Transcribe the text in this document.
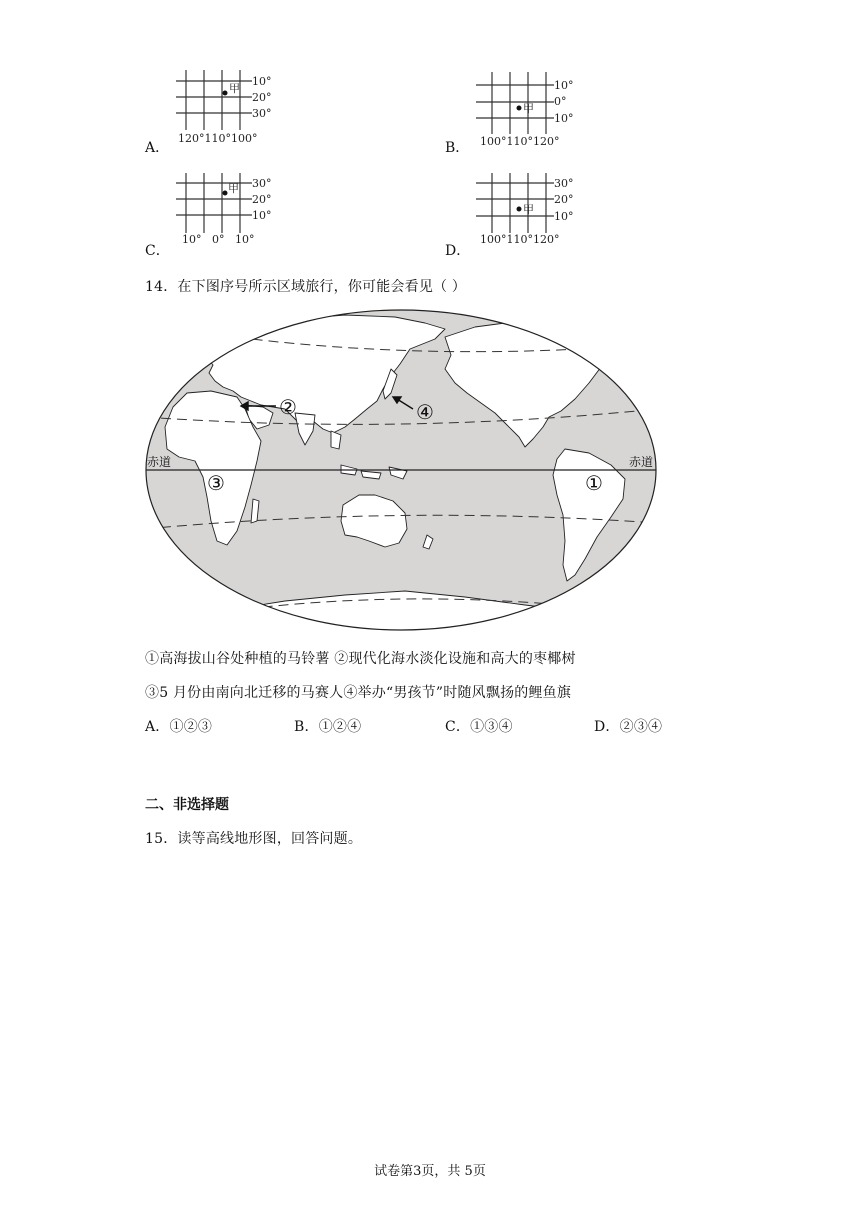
A．
甲
10°
20°
30°
120°110°100°
B．
甲
10°
0°
10°
100°110°120°
C．
甲 30°
20°
10°
10°   0°   10°
D．
甲
30°
20°
10°
100°110°120°
14．在下图序号所示区域旅行，你可能会看见（ ）
赤道	赤道
①
②
③
④
①高海拔山谷处种植的马铃薯 ②现代化海水淡化设施和高大的枣椰树
③5 月份由南向北迁移的马赛人④举办“男孩节”时随风飘扬的鲤鱼旗
A．①②③	B．①②④	C．①③④	D．②③④
二、非选择题
15．读等高线地形图，回答问题。
试卷第3页，共 5页
